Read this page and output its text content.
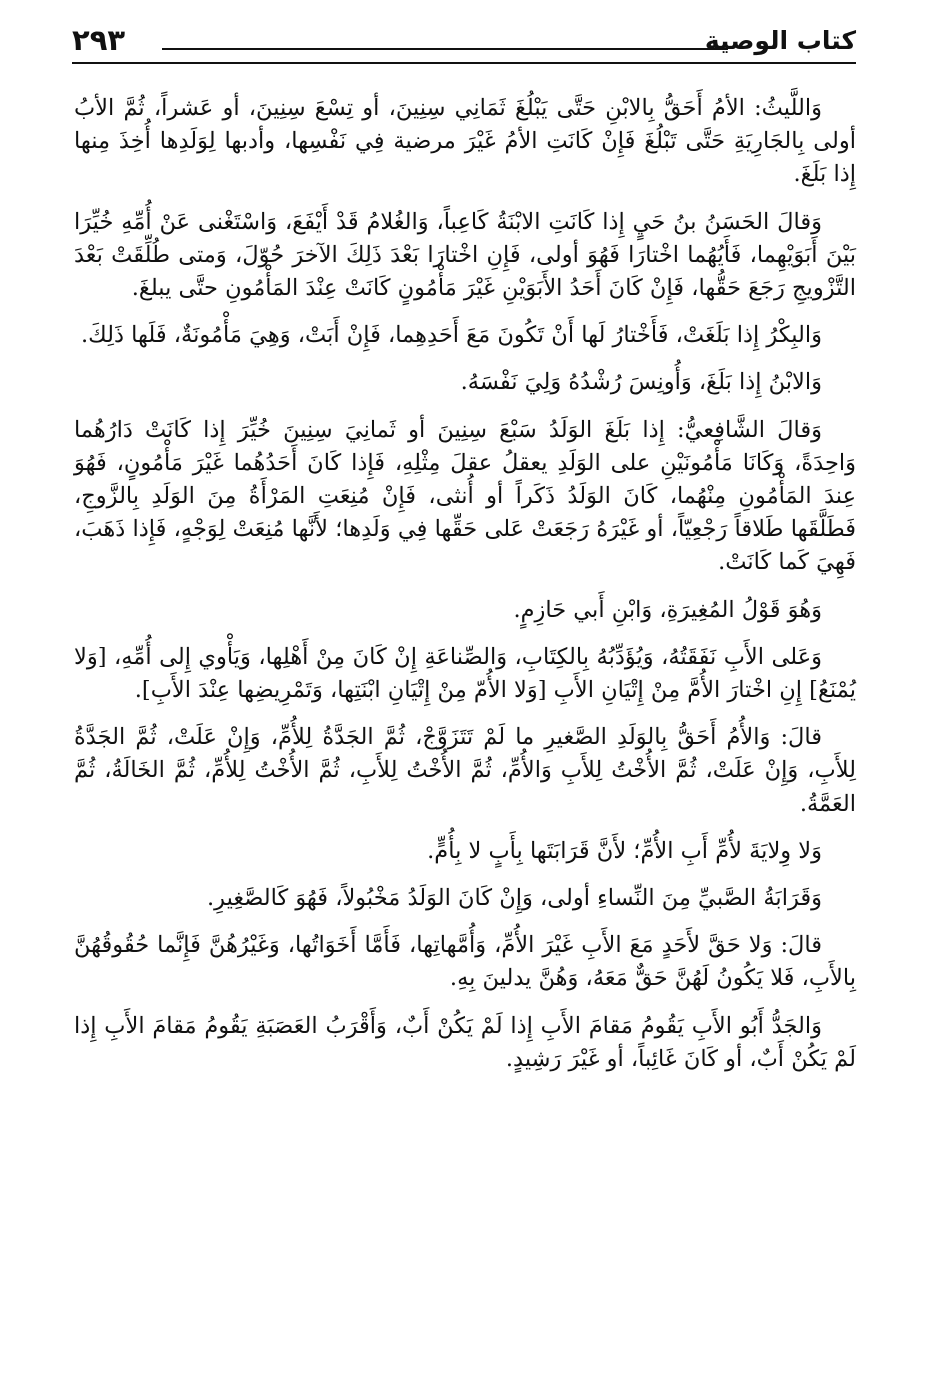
كتاب الوصية
٢٩٣

وَاللَّيثُ: الأمُ أَحَقُّ بِالابْنِ حَتَّى يَبْلُغَ ثَمَانِي سِنِينَ، أو تِسْعَ سِنِينَ، أو عَشراً، ثُمَّ الأبُ أولى بِالجَارِيَةِ حَتَّى تَبْلُغَ فَإِنْ كَانَتِ الأمُ غَيْرَ مرضية فِي نَفْسِها، وأدبها لِوَلَدِها أُخِذَ مِنها إِذا بَلَغَ.

وَقالَ الحَسَنُ بنُ حَيٍ إِذا كَانَتِ الابْنَةُ كَاعِباً، وَالغُلامُ قَدْ أَيْفَعَ، وَاسْتَغْنى عَنْ أُمِّهِ خُيِّرَا بَيْنَ أَبَوَيْهِما، فَأَيُهُما اخْتارَا فَهُوَ أولى، فَإِنِ اخْتارَا بَعْدَ ذَلِكَ الآخرَ حُوّلَ، وَمتى طُلِّقَتْ بَعْدَ التَّزْويجِ رَجَعَ حَقُّها، فَإِنْ كَانَ أَحَدُ الأَبَوَيْنِ غَيْرَ مَأْمُونٍ كَانَتْ عِنْدَ المَأْمُونِ حتَّى يبلغَ.

وَالبِكْرُ إِذا بَلَغَتْ، فَأَخْتارُ لَها أَنْ تَكُونَ مَعَ أَحَدِهِما، فَإِنْ أَبَتْ، وَهِيَ مَأْمُونَةٌ، فَلَها ذَلِكَ.

وَالابْنُ إِذا بَلَغَ، وَأُونِسَ رُشْدُهُ وَلِيَ نَفْسَهُ.

وَقالَ الشَّافِعيُّ: إِذا بَلَغَ الوَلَدُ سَبْعَ سِنِينَ أو ثَمانِيَ سِنِينَ خُيِّرَ إِذا كَانَتْ دَارُهُما وَاحِدَةً، وَكَانَا مَأْمُونَيْنِ على الوَلَدِ يعقلُ عقلَ مِثْلِهِ، فَإِذا كَانَ أَحَدُهُما غَيْرَ مَأْمُونٍ، فَهُوَ عِندَ المَأْمُونِ مِنْهُما، كَانَ الوَلَدُ ذَكَراً أو أُنثى، فَإِنْ مُنِعَتِ المَرْأَةُ مِنَ الوَلَدِ بِالزَّوجِ، فَطَلَّقَها طَلاقاً رَجْعِيّاً، أو غَيْرَهُ رَجَعَتْ عَلى حَقِّها فِي وَلَدِها؛ لأَنَّها مُنِعَتْ لِوَجْهٍ، فَإِذا ذَهَبَ، فَهِيَ كَما كَانَتْ.

وَهُوَ قَوْلُ المُغِيرَةِ، وَابْنِ أَبي حَازِمٍ.

وَعَلى الأَبِ نَفَقَتُهُ، وَيُؤَدِّبُهُ بِالكِتَابِ، وَالصِّناعَةِ إِنْ كَانَ مِنْ أَهْلِها، وَيَأْوي إِلى أُمِّهِ، [وَلا يُمْنَعُ] إِنِ اخْتارَ الأُمَّ مِنْ إِتْيَانِ الأَبِ [وَلا الأُمّ مِنْ إِتْيَانِ ابْنَتِها، وَتَمْرِيضِها عِنْدَ الأَبِ].

قالَ: وَالأُمُ أَحَقُّ بِالوَلَدِ الصَّغيرِ ما لَمْ تَتَزَوَّجْ، ثُمَّ الجَدَّةُ لِلأُمِّ، وَإِنْ عَلَتْ، ثُمَّ الجَدَّةُ لِلأَبِ، وَإِنْ عَلَتْ، ثُمَّ الأُخْتُ لِلأَبِ وَالأُمِّ، ثُمَّ الأُخْتُ لِلأَبِ، ثُمَّ الأُخْتُ لِلأُمِّ، ثُمَّ الخَالَةُ، ثُمَّ العَمَّةُ.

وَلا وِلايَةَ لأُمِّ أَبِ الأُمِّ؛ لأَنَّ قَرَابَتَها بِأَبٍ لا بِأُمٍّ.

وَقَرَابَةُ الصَّبيِّ مِنَ النِّساءِ أولى، وَإِنْ كَانَ الوَلَدُ مَخْبُولاً، فَهُوَ كَالصَّغِيرِ.

قالَ: وَلا حَقَّ لأَحَدٍ مَعَ الأَبِ غَيْرَ الأُمِّ، وَأُمَّهاتِها، فَأَمَّا أَخَوَاتُها، وَغَيْرُهُنَّ فَإِنَّما حُقُوقُهُنَّ بِالأَبِ، فَلا يَكُونُ لَهُنَّ حَقٌّ مَعَهُ، وَهُنَّ يدلينَ بِهِ.

وَالجَدُّ أَبُو الأَبِ يَقُومُ مَقامَ الأَبِ إِذا لَمْ يَكُنْ أَبٌ، وَأَقْرَبُ العَصَبَةِ يَقُومُ مَقامَ الأَبِ إِذا لَمْ يَكُنْ أَبٌ، أو كَانَ غَائِباً، أو غَيْرَ رَشِيدٍ.
